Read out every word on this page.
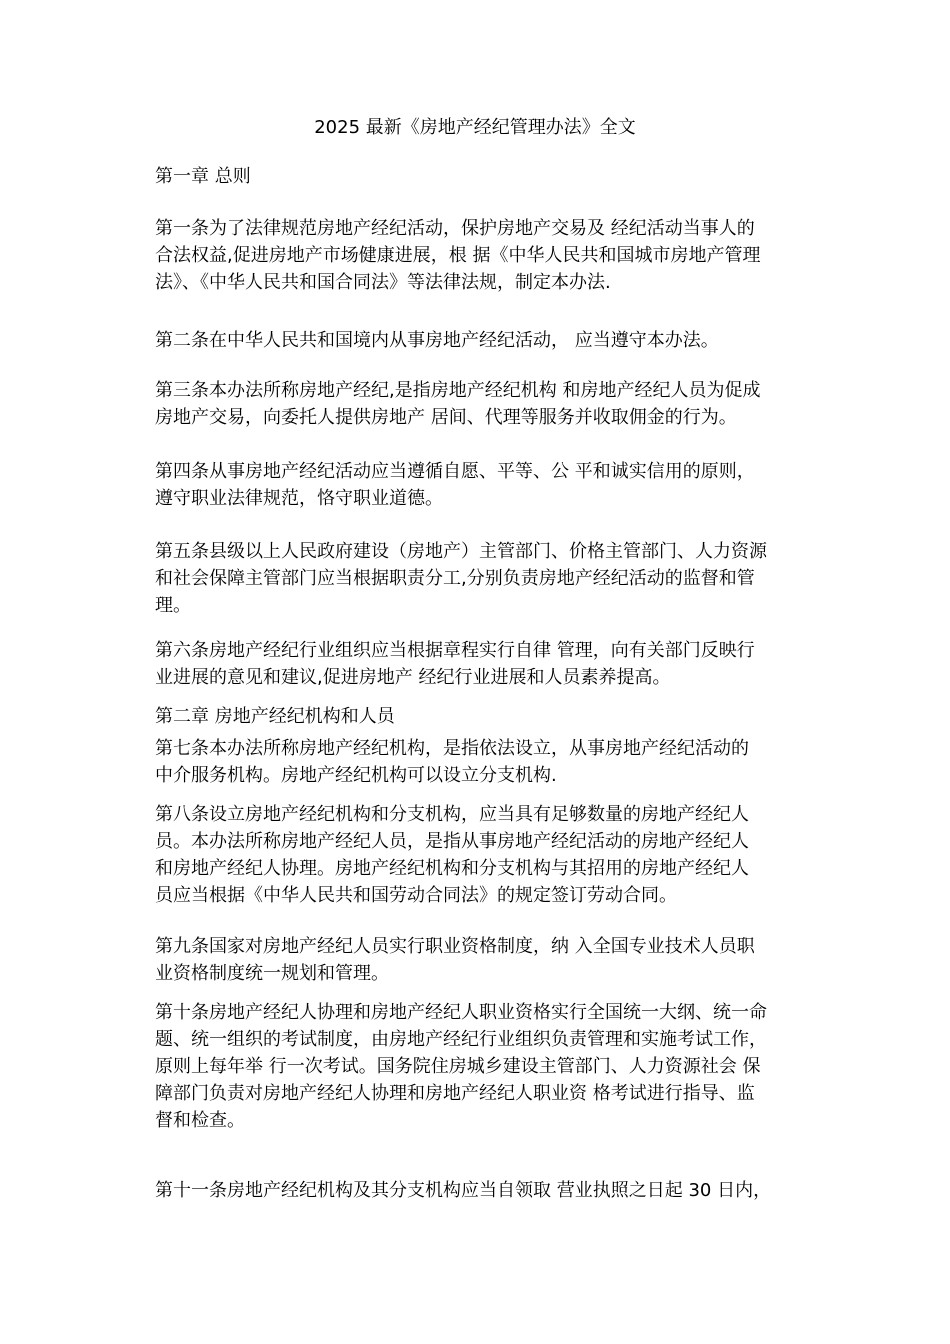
2025 最新《房地产经纪管理办法》全文
第一章 总则
第一条为了法律规范房地产经纪活动，保护房地产交易及 经纪活动当事人的
合法权益,促进房地产市场健康进展，根 据《中华人民共和国城市房地产管理
法》、《中华人民共和国合同法》等法律法规，制定本办法.
第二条在中华人民共和国境内从事房地产经纪活动， 应当遵守本办法。
第三条本办法所称房地产经纪,是指房地产经纪机构 和房地产经纪人员为促成
房地产交易，向委托人提供房地产 居间、代理等服务并收取佣金的行为。
第四条从事房地产经纪活动应当遵循自愿、平等、公 平和诚实信用的原则，
遵守职业法律规范，恪守职业道德。
第五条县级以上人民政府建设（房地产）主管部门、价格主管部门、人力资源
和社会保障主管部门应当根据职责分工,分别负责房地产经纪活动的监督和管
理。
第六条房地产经纪行业组织应当根据章程实行自律 管理，向有关部门反映行
业进展的意见和建议,促进房地产 经纪行业进展和人员素养提高。
第二章 房地产经纪机构和人员
第七条本办法所称房地产经纪机构，是指依法设立，从事房地产经纪活动的
中介服务机构。房地产经纪机构可以设立分支机构.
第八条设立房地产经纪机构和分支机构，应当具有足够数量的房地产经纪人
员。本办法所称房地产经纪人员，是指从事房地产经纪活动的房地产经纪人
和房地产经纪人协理。房地产经纪机构和分支机构与其招用的房地产经纪人
员应当根据《中华人民共和国劳动合同法》的规定签订劳动合同。
第九条国家对房地产经纪人员实行职业资格制度，纳 入全国专业技术人员职
业资格制度统一规划和管理。
第十条房地产经纪人协理和房地产经纪人职业资格实行全国统一大纲、统一命
题、统一组织的考试制度，由房地产经纪行业组织负责管理和实施考试工作，
原则上每年举 行一次考试。国务院住房城乡建设主管部门、人力资源社会 保
障部门负责对房地产经纪人协理和房地产经纪人职业资 格考试进行指导、监
督和检查。
第十一条房地产经纪机构及其分支机构应当自领取 营业执照之日起 30 日内，
